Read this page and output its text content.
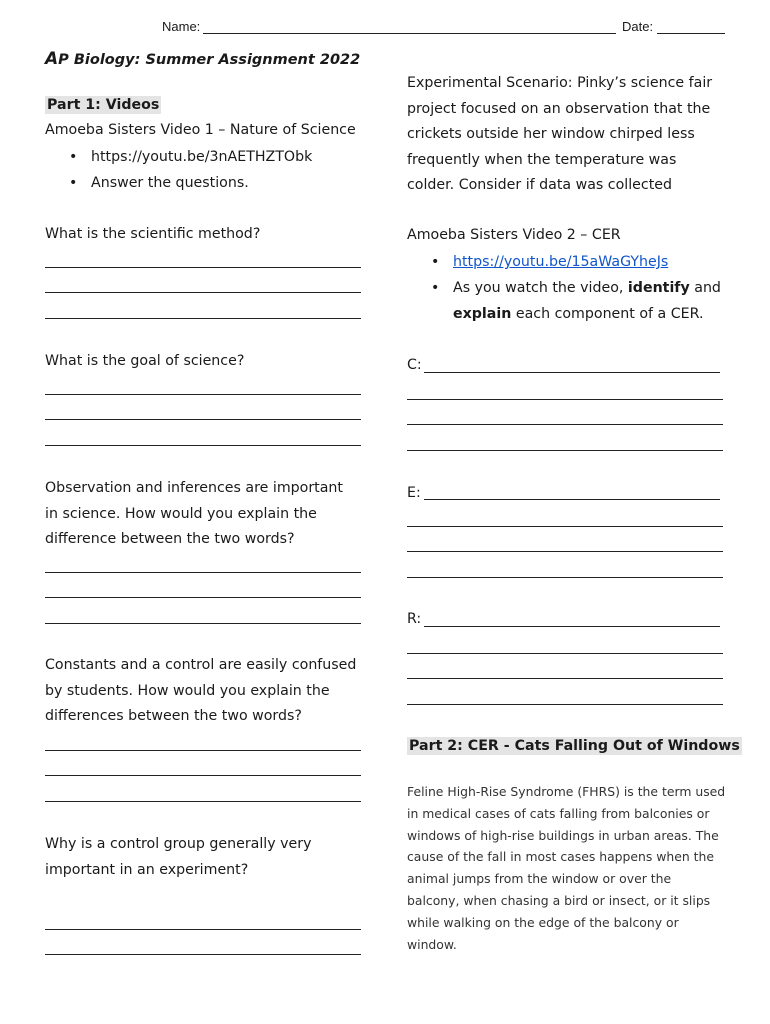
Name:	Date:
AP Biology: Summer Assignment 2022
Part 1: Videos
Amoeba Sisters Video 1 – Nature of Science
• https://youtu.be/3nAETHZTObk
• Answer the questions.
What is the scientific method?
What is the goal of science?
Observation and inferences are important
in science. How would you explain the
difference between the two words?
Constants and a control are easily confused
by students. How would you explain the
differences between the two words?
Why is a control group generally very
important in an experiment?
Experimental Scenario: Pinky’s science fair
project focused on an observation that the
crickets outside her window chirped less
frequently when the temperature was
colder. Consider if data was collected
Amoeba Sisters Video 2 – CER
• https://youtu.be/15aWaGYheJs
• As you watch the video, identify and
explain each component of a CER.
C:
E:
R:
Part 2: CER - Cats Falling Out of Windows
Feline High-Rise Syndrome (FHRS) is the term used
in medical cases of cats falling from balconies or
windows of high-rise buildings in urban areas. The
cause of the fall in most cases happens when the
animal jumps from the window or over the
balcony, when chasing a bird or insect, or it slips
while walking on the edge of the balcony or
window.
